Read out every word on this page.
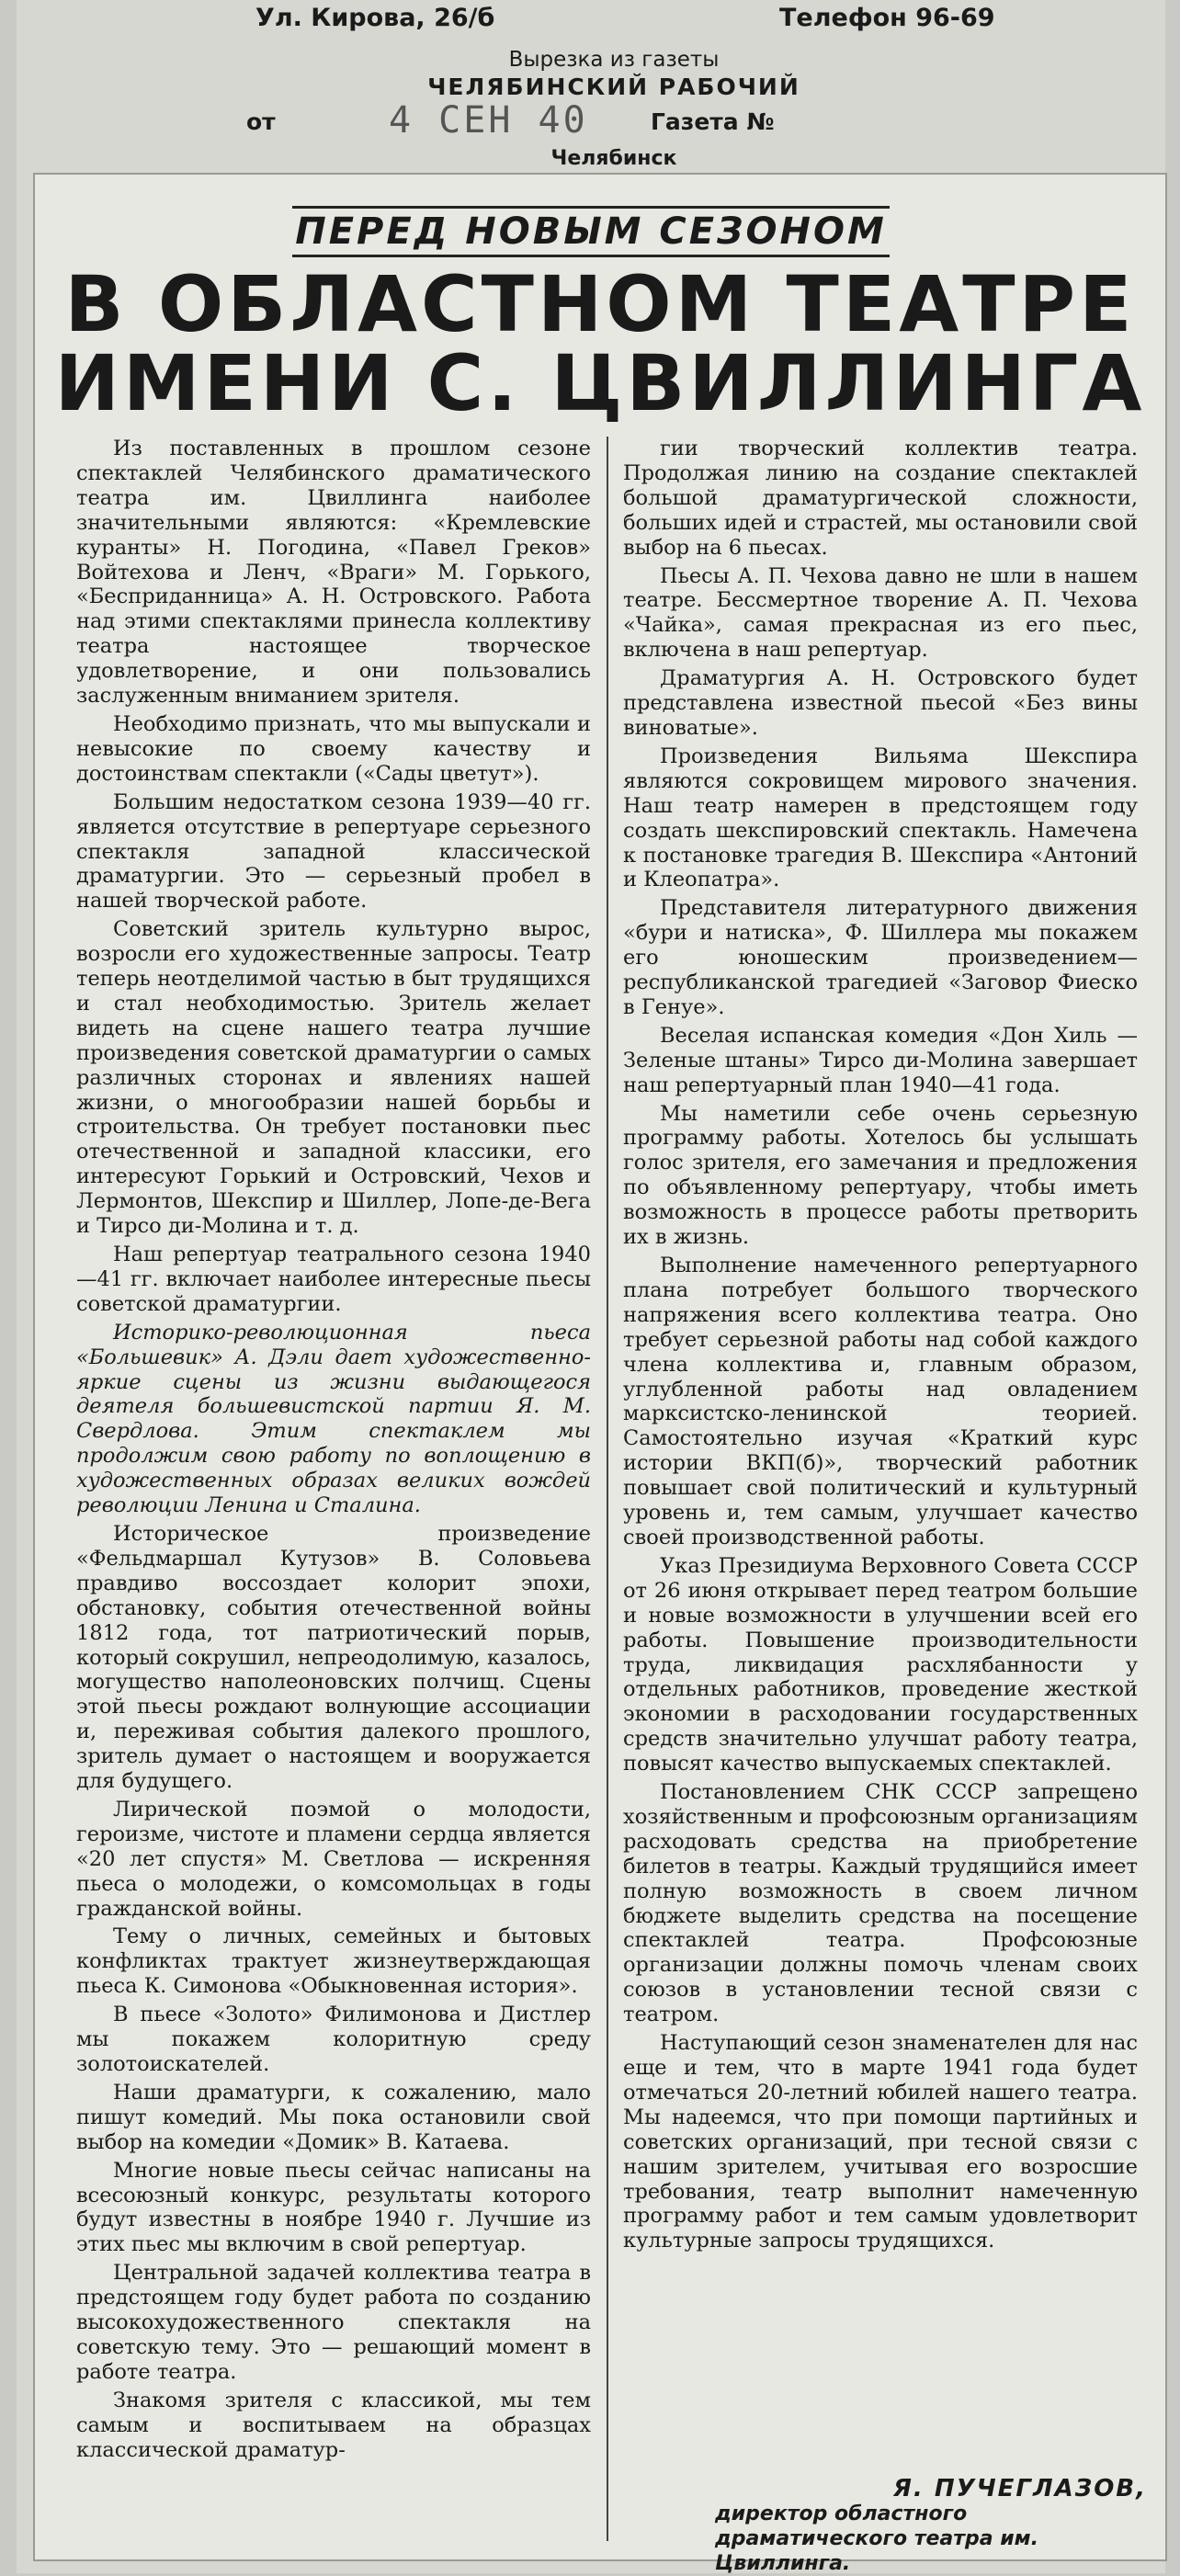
Ул. Кирова, 26/б	Телефон 96-69
Вырезка из газеты
ЧЕЛЯБИНСКИЙ РАБОЧИЙ
от	4 СЕН 40	Газета №
Челябинск
ПЕРЕД НОВЫМ СЕЗОНОМ
В ОБЛАСТНОМ ТЕАТРЕ
ИМЕНИ С. ЦВИЛЛИНГА

Из поставленных в прошлом сезоне спектаклей Челябинского драматического театра им. Цвиллинга наиболее значительными являются: «Кремлевские куранты» Н. Погодина, «Павел Греков» Войтехова и Ленч, «Враги» М. Горького, «Бесприданница» А. Н. Островского. Работа над этими спектаклями принесла коллективу театра настоящее творческое удовлетворение, и они пользовались заслуженным вниманием зрителя.

Необходимо признать, что мы выпускали и невысокие по своему качеству и достоинствам спектакли («Сады цветут»).

Большим недостатком сезона 1939—40 гг. является отсутствие в репертуаре серьезного спектакля западной классической драматургии. Это — серьезный пробел в нашей творческой работе.

Советский зритель культурно вырос, возросли его художественные запросы. Театр теперь неотделимой частью в быт трудящихся и стал необходимостью. Зритель желает видеть на сцене нашего театра лучшие произведения советской драматургии о самых различных сторонах и явлениях нашей жизни, о многообразии нашей борьбы и строительства. Он требует постановки пьес отечественной и западной классики, его интересуют Горький и Островский, Чехов и Лермонтов, Шекспир и Шиллер, Лопе-де-Вега и Тирсо ди-Молина и т. д.

Наш репертуар театрального сезона 1940—41 гг. включает наиболее интересные пьесы советской драматургии.

Историко-революционная пьеса «Большевик» А. Дэли дает художественно-яркие сцены из жизни выдающегося деятеля большевистской партии Я. М. Свердлова. Этим спектаклем мы продолжим свою работу по воплощению в художественных образах великих вождей революции Ленина и Сталина.

Историческое произведение «Фельдмаршал Кутузов» В. Соловьева правдиво воссоздает колорит эпохи, обстановку, события отечественной войны 1812 года, тот патриотический порыв, который сокрушил, непреодолимую, казалось, могущество наполеоновских полчищ. Сцены этой пьесы рождают волнующие ассоциации и, переживая события далекого прошлого, зритель думает о настоящем и вооружается для будущего.

Лирической поэмой о молодости, героизме, чистоте и пламени сердца является «20 лет спустя» М. Светлова — искренняя пьеса о молодежи, о комсомольцах в годы гражданской войны.

Тему о личных, семейных и бытовых конфликтах трактует жизнеутверждающая пьеса К. Симонова «Обыкновенная история».

В пьесе «Золото» Филимонова и Дистлер мы покажем колоритную среду золотоискателей.

Наши драматурги, к сожалению, мало пишут комедий. Мы пока остановили свой выбор на комедии «Домик» В. Катаева.

Многие новые пьесы сейчас написаны на всесоюзный конкурс, результаты которого будут известны в ноябре 1940 г. Лучшие из этих пьес мы включим в свой репертуар.

Центральной задачей коллектива театра в предстоящем году будет работа по созданию высокохудожественного спектакля на советскую тему. Это — решающий момент в работе театра.

Знакомя зрителя с классикой, мы тем самым и воспитываем на образцах классической драматур-

гии творческий коллектив театра. Продолжая линию на создание спектаклей большой драматургической сложности, больших идей и страстей, мы остановили свой выбор на 6 пьесах.

Пьесы А. П. Чехова давно не шли в нашем театре. Бессмертное творение А. П. Чехова «Чайка», самая прекрасная из его пьес, включена в наш репертуар.

Драматургия А. Н. Островского будет представлена известной пьесой «Без вины виноватые».

Произведения Вильяма Шекспира являются сокровищем мирового значения. Наш театр намерен в предстоящем году создать шекспировский спектакль. Намечена к постановке трагедия В. Шекспира «Антоний и Клеопатра».

Представителя литературного движения «бури и натиска», Ф. Шиллера мы покажем его юношеским произведением—республиканской трагедией «Заговор Фиеско в Генуе».

Веселая испанская комедия «Дон Хиль — Зеленые штаны» Тирсо ди-Молина завершает наш репертуарный план 1940—41 года.

Мы наметили себе очень серьезную программу работы. Хотелось бы услышать голос зрителя, его замечания и предложения по объявленному репертуару, чтобы иметь возможность в процессе работы претворить их в жизнь.

Выполнение намеченного репертуарного плана потребует большого творческого напряжения всего коллектива театра. Оно требует серьезной работы над собой каждого члена коллектива и, главным образом, углубленной работы над овладением марксистско-ленинской теорией. Самостоятельно изучая «Краткий курс истории ВКП(б)», творческий работник повышает свой политический и культурный уровень и, тем самым, улучшает качество своей производственной работы.

Указ Президиума Верховного Совета СССР от 26 июня открывает перед театром большие и новые возможности в улучшении всей его работы. Повышение производительности труда, ликвидация расхлябанности у отдельных работников, проведение жесткой экономии в расходовании государственных средств значительно улучшат работу театра, повысят качество выпускаемых спектаклей.

Постановлением СНК СССР запрещено хозяйственным и профсоюзным организациям расходовать средства на приобретение билетов в театры. Каждый трудящийся имеет полную возможность в своем личном бюджете выделить средства на посещение спектаклей театра. Профсоюзные организации должны помочь членам своих союзов в установлении тесной связи с театром.

Наступающий сезон знаменателен для нас еще и тем, что в марте 1941 года будет отмечаться 20-летний юбилей нашего театра. Мы надеемся, что при помощи партийных и советских организаций, при тесной связи с нашим зрителем, учитывая его возросшие требования, театр выполнит намеченную программу работ и тем самым удовлетворит культурные запросы трудящихся.

Я. ПУЧЕГЛАЗОВ,
директор областного драматического театра им. Цвиллинга.
